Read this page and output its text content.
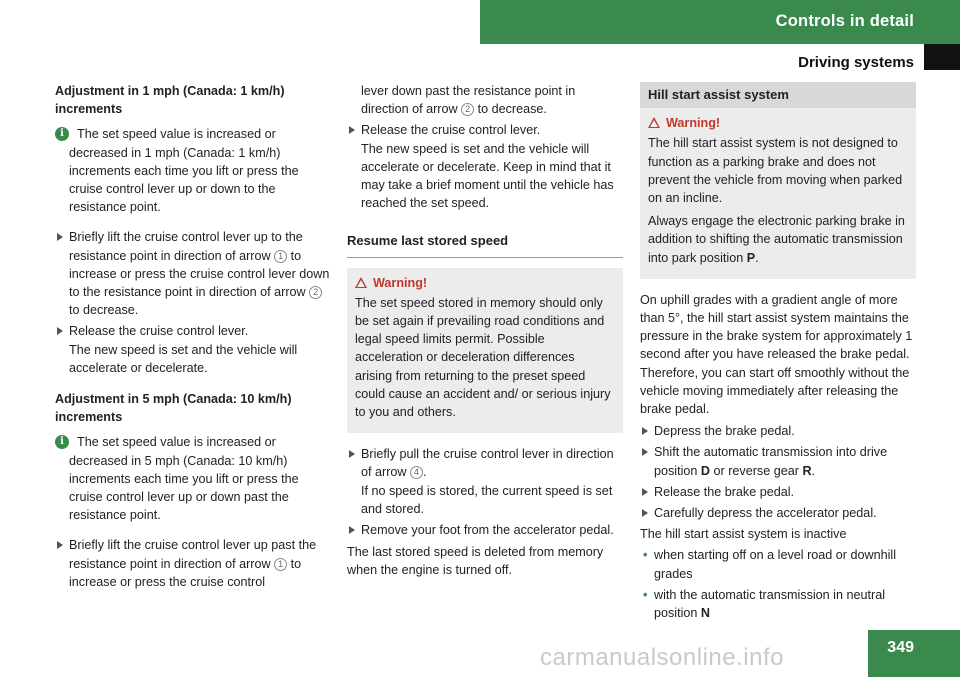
Controls in detail
Driving systems
Adjustment in 1 mph (Canada: 1 km/h) increments
i	The set speed value is increased or decreased in 1 mph (Canada: 1 km/h) increments each time you lift or press the cruise control lever up or down to the resistance point.
Briefly lift the cruise control lever up to the resistance point in direction of arrow 1 to increase or press the cruise control lever down to the resistance point in direction of arrow 2 to decrease.
Release the cruise control lever.
The new speed is set and the vehicle will accelerate or decelerate.
Adjustment in 5 mph (Canada: 10 km/h) increments
i	The set speed value is increased or decreased in 5 mph (Canada: 10 km/h) increments each time you lift or press the cruise control lever up or down past the resistance point.
Briefly lift the cruise control lever up past the resistance point in direction of arrow 1 to increase or press the cruise control
lever down past the resistance point in direction of arrow 2 to decrease.
Release the cruise control lever.
The new speed is set and the vehicle will accelerate or decelerate. Keep in mind that it may take a brief moment until the vehicle has reached the set speed.
Resume last stored speed
Warning!

The set speed stored in memory should only be set again if prevailing road conditions and legal speed limits permit. Possible acceleration or deceleration differences arising from returning to the preset speed could cause an accident and/ or serious injury to you and others.

Briefly pull the cruise control lever in direction of arrow 4 .
If no speed is stored, the current speed is set and stored.
Remove your foot from the accelerator pedal.
The last stored speed is deleted from memory when the engine is turned off.
Hill start assist system
Warning!

The hill start assist system is not designed to function as a parking brake and does not prevent the vehicle from moving when parked on an incline.

Always engage the electronic parking brake in addition to shifting the automatic transmission into park position P.

On uphill grades with a gradient angle of more than 5°, the hill start assist system maintains the pressure in the brake system for approximately 1 second after you have released the brake pedal. Therefore, you can start off smoothly without the vehicle moving immediately after releasing the brake pedal.
Depress the brake pedal.
Shift the automatic transmission into drive position D or reverse gear R.
Release the brake pedal.
Carefully depress the accelerator pedal.
The hill start assist system is inactive
• when starting off on a level road or downhill grades
• with the automatic transmission in neutral position N
carmanualsonline.info	349
